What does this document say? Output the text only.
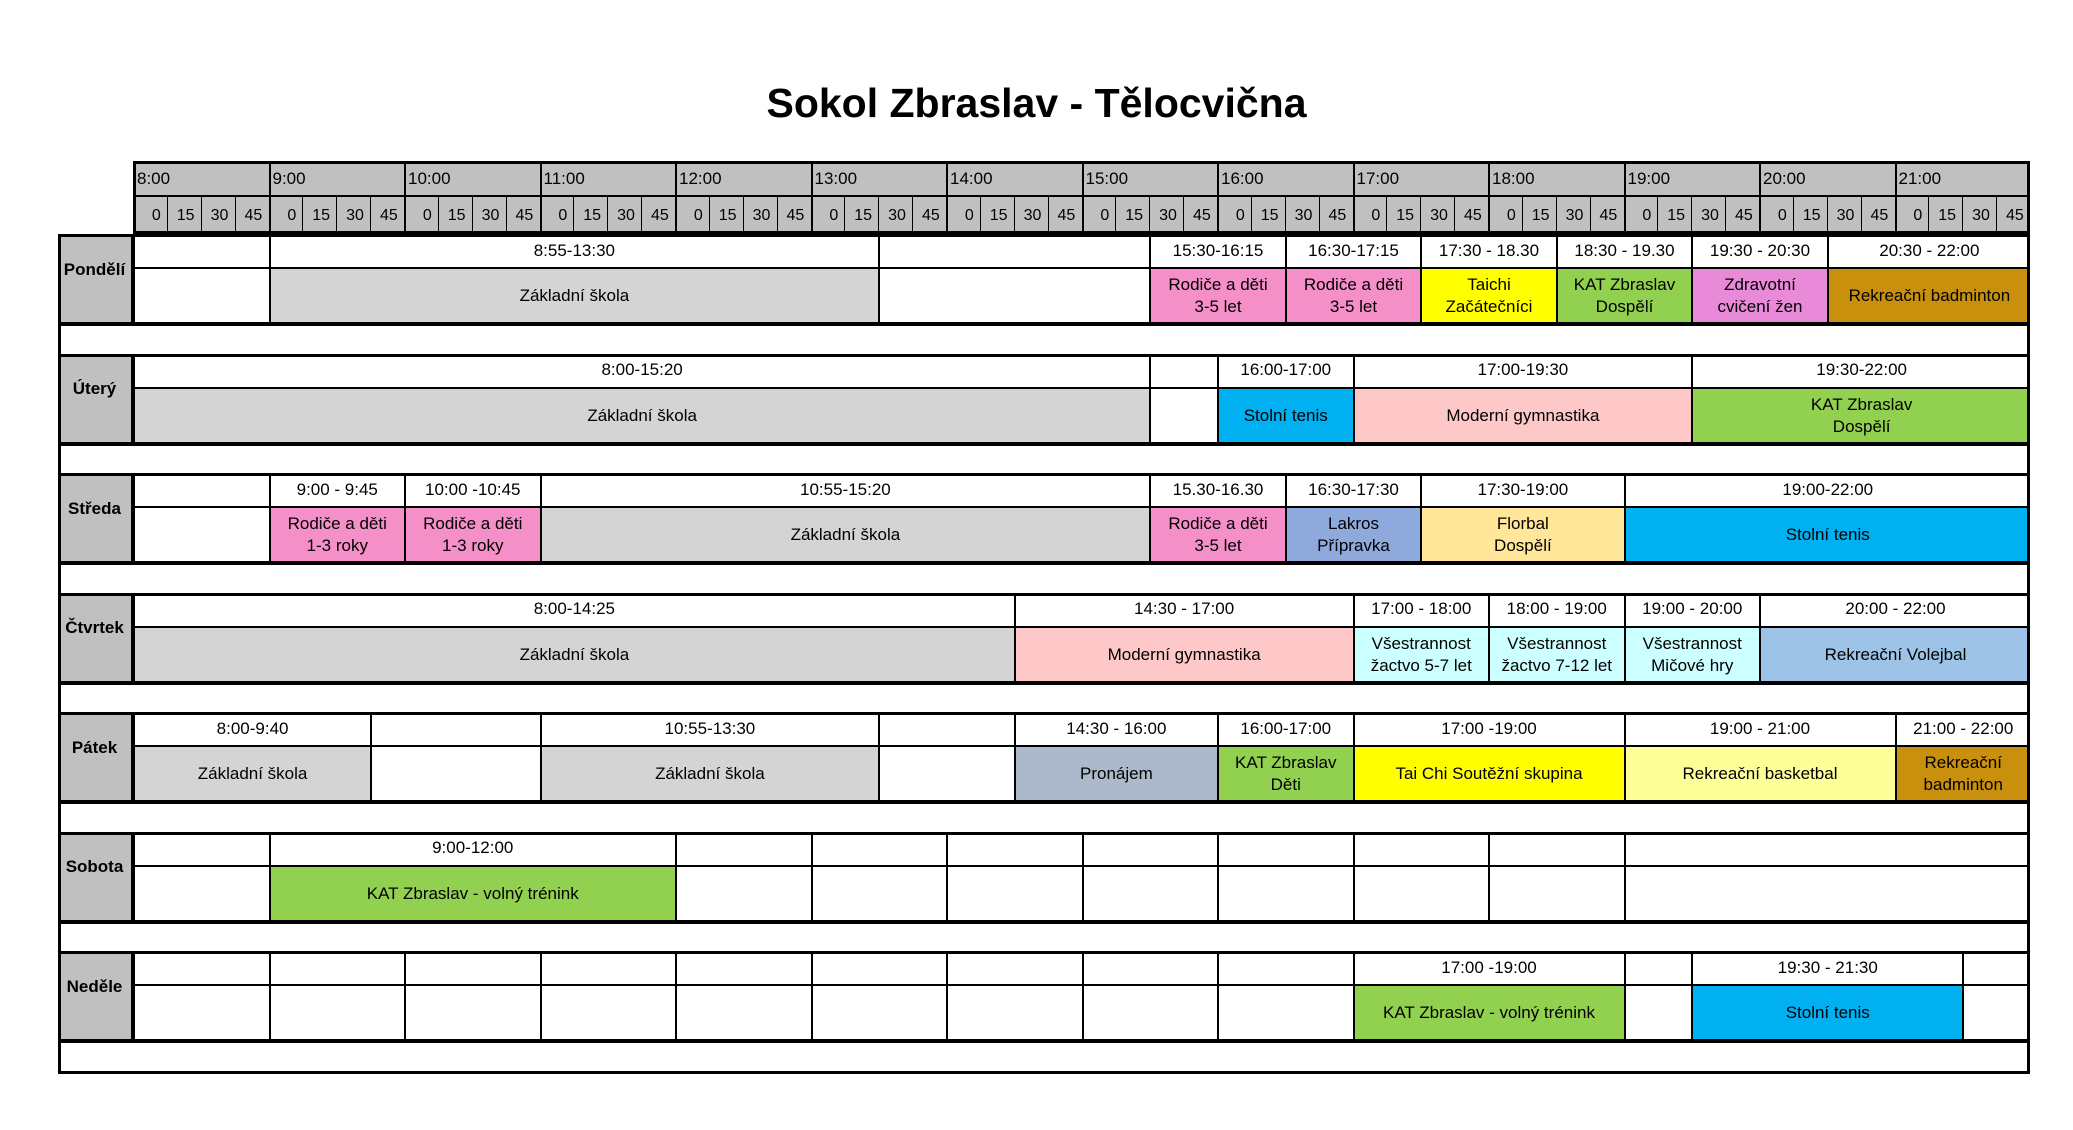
Sokol Zbraslav - Tělocvična
8:00
0 15 30 45
9:00
0 15 30 45
10:00
0 15 30 45
11:00
0 15 30 45
12:00
0 15 30 45
13:00
0 15 30 45
14:00
0 15 30 45
15:00
0 15 30 45
16:00
0 15 30 45
17:00
0 15 30 45
18:00
0 15 30 45
19:00
0 15 30 45
20:00
0 15 30 45
21:00
0 15 30 45
Pondělí
8:55-13:30
Základní škola
15:30-16:15
Rodiče a děti
3-5 let
16:30-17:15
Rodiče a děti
3-5 let
17:30 - 18.30
Taichi
Začátečníci
18:30 - 19.30
KAT Zbraslav
Dospělí
19:30 - 20:30
Zdravotní
cvičení žen
20:30 - 22:00
Rekreační badminton
Úterý
8:00-15:20
Základní škola
16:00-17:00
Stolní tenis
17:00-19:30
Moderní gymnastika
19:30-22:00
KAT Zbraslav
Dospělí
Středa
9:00 - 9:45
Rodiče a děti
1-3 roky
10:00 -10:45
Rodiče a děti
1-3 roky
10:55-15:20
Základní škola
15.30-16.30
Rodiče a děti
3-5 let
16:30-17:30
Lakros
Přípravka
17:30-19:00
Florbal
Dospělí
19:00-22:00
Stolní tenis
Čtvrtek
8:00-14:25
Základní škola
14:30 - 17:00
Moderní gymnastika
17:00 - 18:00
Všestrannost
žactvo 5-7 let
18:00 - 19:00
Všestrannost
žactvo 7-12 let
19:00 - 20:00
Všestrannost
Mičové hry
20:00 - 22:00
Rekreační Volejbal
Pátek
8:00-9:40
Základní škola
10:55-13:30
Základní škola
14:30 - 16:00
Pronájem
16:00-17:00
KAT Zbraslav
Děti
17:00 -19:00
Tai Chi Soutěžní skupina
19:00 - 21:00
Rekreační basketbal
21:00 - 22:00
Rekreační
badminton
Sobota
9:00-12:00
KAT Zbraslav - volný trénink
Neděle
17:00 -19:00
KAT Zbraslav - volný trénink
19:30 - 21:30
Stolní tenis
